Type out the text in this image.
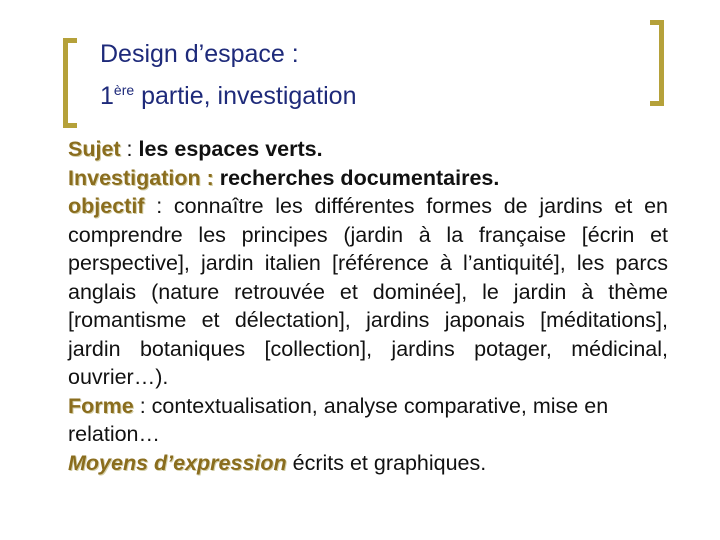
Design d’espace :
1ère partie, investigation

Sujet : les espaces verts.

Investigation : recherches documentaires.

objectif : connaître les différentes formes de jardins et en comprendre les principes (jardin à la française [écrin et perspective], jardin italien [référence à l’antiquité], les parcs anglais (nature retrouvée et dominée], le jardin à thème [romantisme et délectation], jardins japonais [méditations], jardin botaniques [collection], jardins potager, médicinal, ouvrier…).

Forme : contextualisation, analyse comparative, mise en relation…

Moyens d’expression écrits et graphiques.
